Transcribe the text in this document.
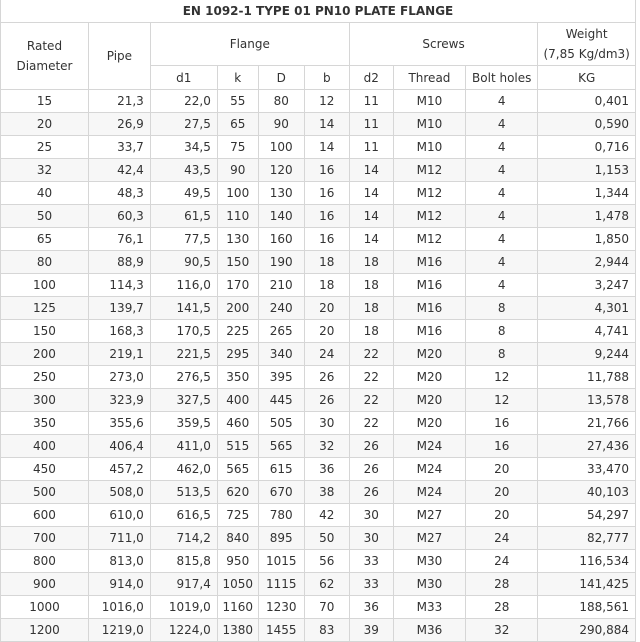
EN 1092-1 TYPE 01 PN10 PLATE FLANGE									
Rated
Diameter	Pipe	Flange				Screws			Weight
(7,85 Kg/dm3)
		d1	k	D	b	d2	Thread	Bolt holes	KG
15	21,3	22,0	55	80	12	11	M10	4	0,401
20	26,9	27,5	65	90	14	11	M10	4	0,590
25	33,7	34,5	75	100	14	11	M10	4	0,716
32	42,4	43,5	90	120	16	14	M12	4	1,153
40	48,3	49,5	100	130	16	14	M12	4	1,344
50	60,3	61,5	110	140	16	14	M12	4	1,478
65	76,1	77,5	130	160	16	14	M12	4	1,850
80	88,9	90,5	150	190	18	18	M16	4	2,944
100	114,3	116,0	170	210	18	18	M16	4	3,247
125	139,7	141,5	200	240	20	18	M16	8	4,301
150	168,3	170,5	225	265	20	18	M16	8	4,741
200	219,1	221,5	295	340	24	22	M20	8	9,244
250	273,0	276,5	350	395	26	22	M20	12	11,788
300	323,9	327,5	400	445	26	22	M20	12	13,578
350	355,6	359,5	460	505	30	22	M20	16	21,766
400	406,4	411,0	515	565	32	26	M24	16	27,436
450	457,2	462,0	565	615	36	26	M24	20	33,470
500	508,0	513,5	620	670	38	26	M24	20	40,103
600	610,0	616,5	725	780	42	30	M27	20	54,297
700	711,0	714,2	840	895	50	30	M27	24	82,777
800	813,0	815,8	950	1015	56	33	M30	24	116,534
900	914,0	917,4	1050	1115	62	33	M30	28	141,425
1000	1016,0	1019,0	1160	1230	70	36	M33	28	188,561
1200	1219,0	1224,0	1380	1455	83	39	M36	32	290,884
